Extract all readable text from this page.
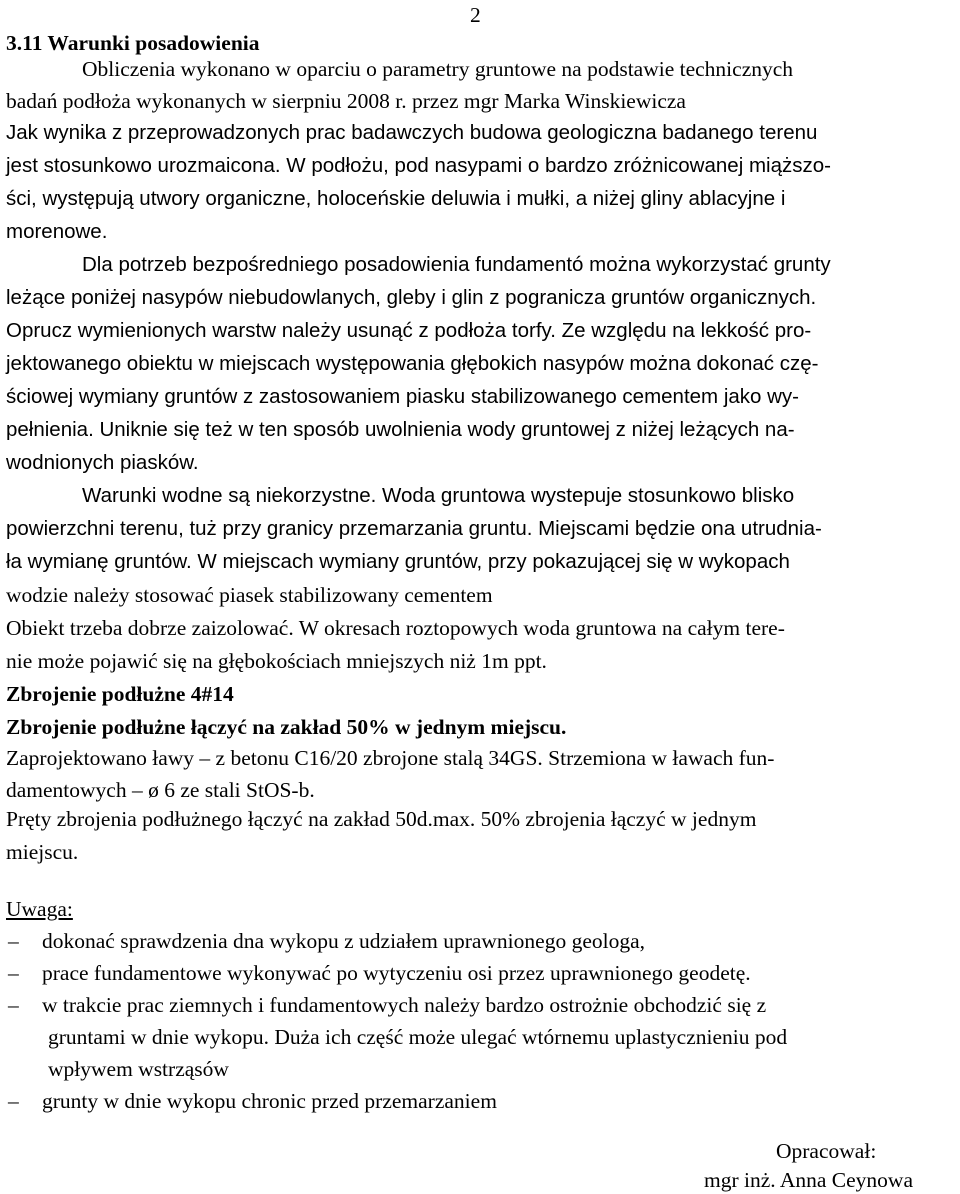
2
3.11 Warunki posadowienia
Obliczenia wykonano w oparciu o parametry gruntowe na podstawie technicznych
badań podłoża wykonanych w sierpniu 2008 r. przez mgr Marka Winskiewicza
Jak wynika z przeprowadzonych prac badawczych budowa geologiczna badanego terenu
jest stosunkowo urozmaicona. W podłożu, pod nasypami o bardzo zróżnicowanej miąższo-
ści, występują utwory organiczne, holoceńskie deluwia i mułki, a niżej gliny ablacyjne i
morenowe.
Dla potrzeb bezpośredniego posadowienia fundamentó można wykorzystać grunty
leżące poniżej nasypów niebudowlanych, gleby i glin z pogranicza gruntów organicznych.
Oprucz wymienionych warstw należy usunąć z podłoża torfy. Ze względu na lekkość pro-
jektowanego obiektu w miejscach występowania głębokich nasypów można dokonać czę-
ściowej wymiany gruntów z zastosowaniem piasku stabilizowanego cementem jako wy-
pełnienia. Uniknie się też w ten sposób uwolnienia wody gruntowej z niżej leżących na-
wodnionych piasków.
Warunki wodne są niekorzystne. Woda gruntowa wystepuje stosunkowo blisko
powierzchni terenu, tuż przy granicy przemarzania gruntu. Miejscami będzie ona utrudnia-
ła wymianę gruntów. W miejscach wymiany gruntów, przy pokazującej się w wykopach
wodzie należy stosować piasek stabilizowany cementem
Obiekt trzeba dobrze zaizolować. W okresach roztopowych woda gruntowa na całym tere-
nie może pojawić się na głębokościach mniejszych niż 1m ppt.
Zbrojenie podłużne 4#14
Zbrojenie podłużne łączyć na zakład 50% w jednym miejscu.
Zaprojektowano ławy – z betonu C16/20 zbrojone stalą 34GS. Strzemiona w ławach fun-
damentowych – ø 6 ze stali StOS-b.
Pręty zbrojenia podłużnego łączyć na zakład 50d.max. 50% zbrojenia łączyć w jednym
miejscu.
Uwaga:
– dokonać sprawdzenia dna wykopu z udziałem uprawnionego geologa,
– prace fundamentowe wykonywać po wytyczeniu osi przez uprawnionego geodetę.
– w trakcie prac ziemnych i fundamentowych należy bardzo ostrożnie obchodzić się z
gruntami w dnie wykopu. Duża ich część może ulegać wtórnemu uplastycznieniu pod
wpływem wstrząsów
– grunty w dnie wykopu chronic przed przemarzaniem
Opracował:
mgr inż. Anna Ceynowa
